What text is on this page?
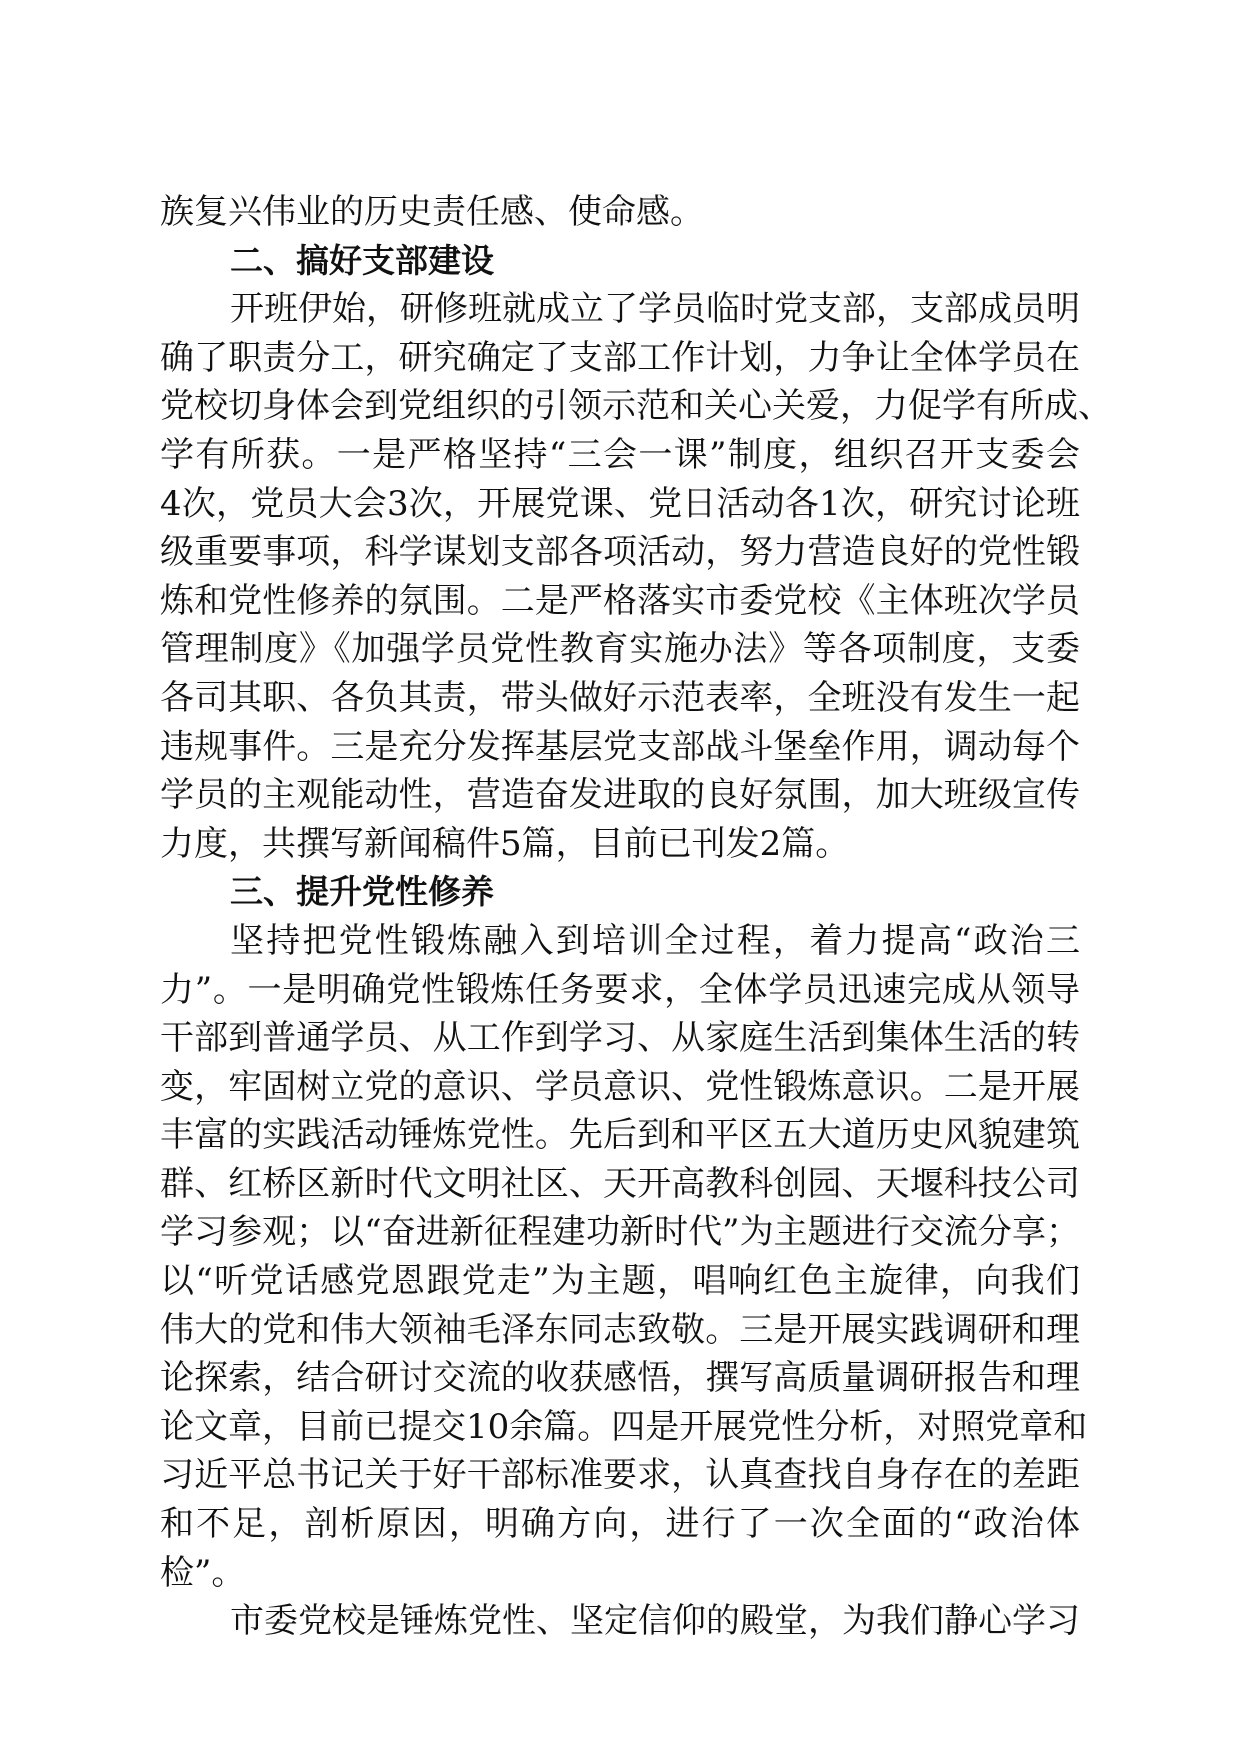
族复兴伟业的历史责任感、使命感。
二、搞好支部建设
开班伊始，研修班就成立了学员临时党支部，支部成员明
确了职责分工，研究确定了支部工作计划，力争让全体学员在
党校切身体会到党组织的引领示范和关心关爱，力促学有所成、
学有所获。一是严格坚持“三会一课”制度，组织召开支委会
4次，党员大会3次，开展党课、党日活动各1次，研究讨论班
级重要事项，科学谋划支部各项活动，努力营造良好的党性锻
炼和党性修养的氛围。二是严格落实市委党校《主体班次学员
管理制度》《加强学员党性教育实施办法》等各项制度，支委
各司其职、各负其责，带头做好示范表率，全班没有发生一起
违规事件。三是充分发挥基层党支部战斗堡垒作用，调动每个
学员的主观能动性，营造奋发进取的良好氛围，加大班级宣传
力度，共撰写新闻稿件5篇，目前已刊发2篇。
三、提升党性修养
坚持把党性锻炼融入到培训全过程，着力提高“政治三
力”。一是明确党性锻炼任务要求，全体学员迅速完成从领导
干部到普通学员、从工作到学习、从家庭生活到集体生活的转
变，牢固树立党的意识、学员意识、党性锻炼意识。二是开展
丰富的实践活动锤炼党性。先后到和平区五大道历史风貌建筑
群、红桥区新时代文明社区、天开高教科创园、天堰科技公司
学习参观；以“奋进新征程建功新时代”为主题进行交流分享；
以“听党话感党恩跟党走”为主题，唱响红色主旋律，向我们
伟大的党和伟大领袖毛泽东同志致敬。三是开展实践调研和理
论探索，结合研讨交流的收获感悟，撰写高质量调研报告和理
论文章，目前已提交10余篇。四是开展党性分析，对照党章和
习近平总书记关于好干部标准要求，认真查找自身存在的差距
和不足，剖析原因，明确方向，进行了一次全面的“政治体
检”。
市委党校是锤炼党性、坚定信仰的殿堂，为我们静心学习
